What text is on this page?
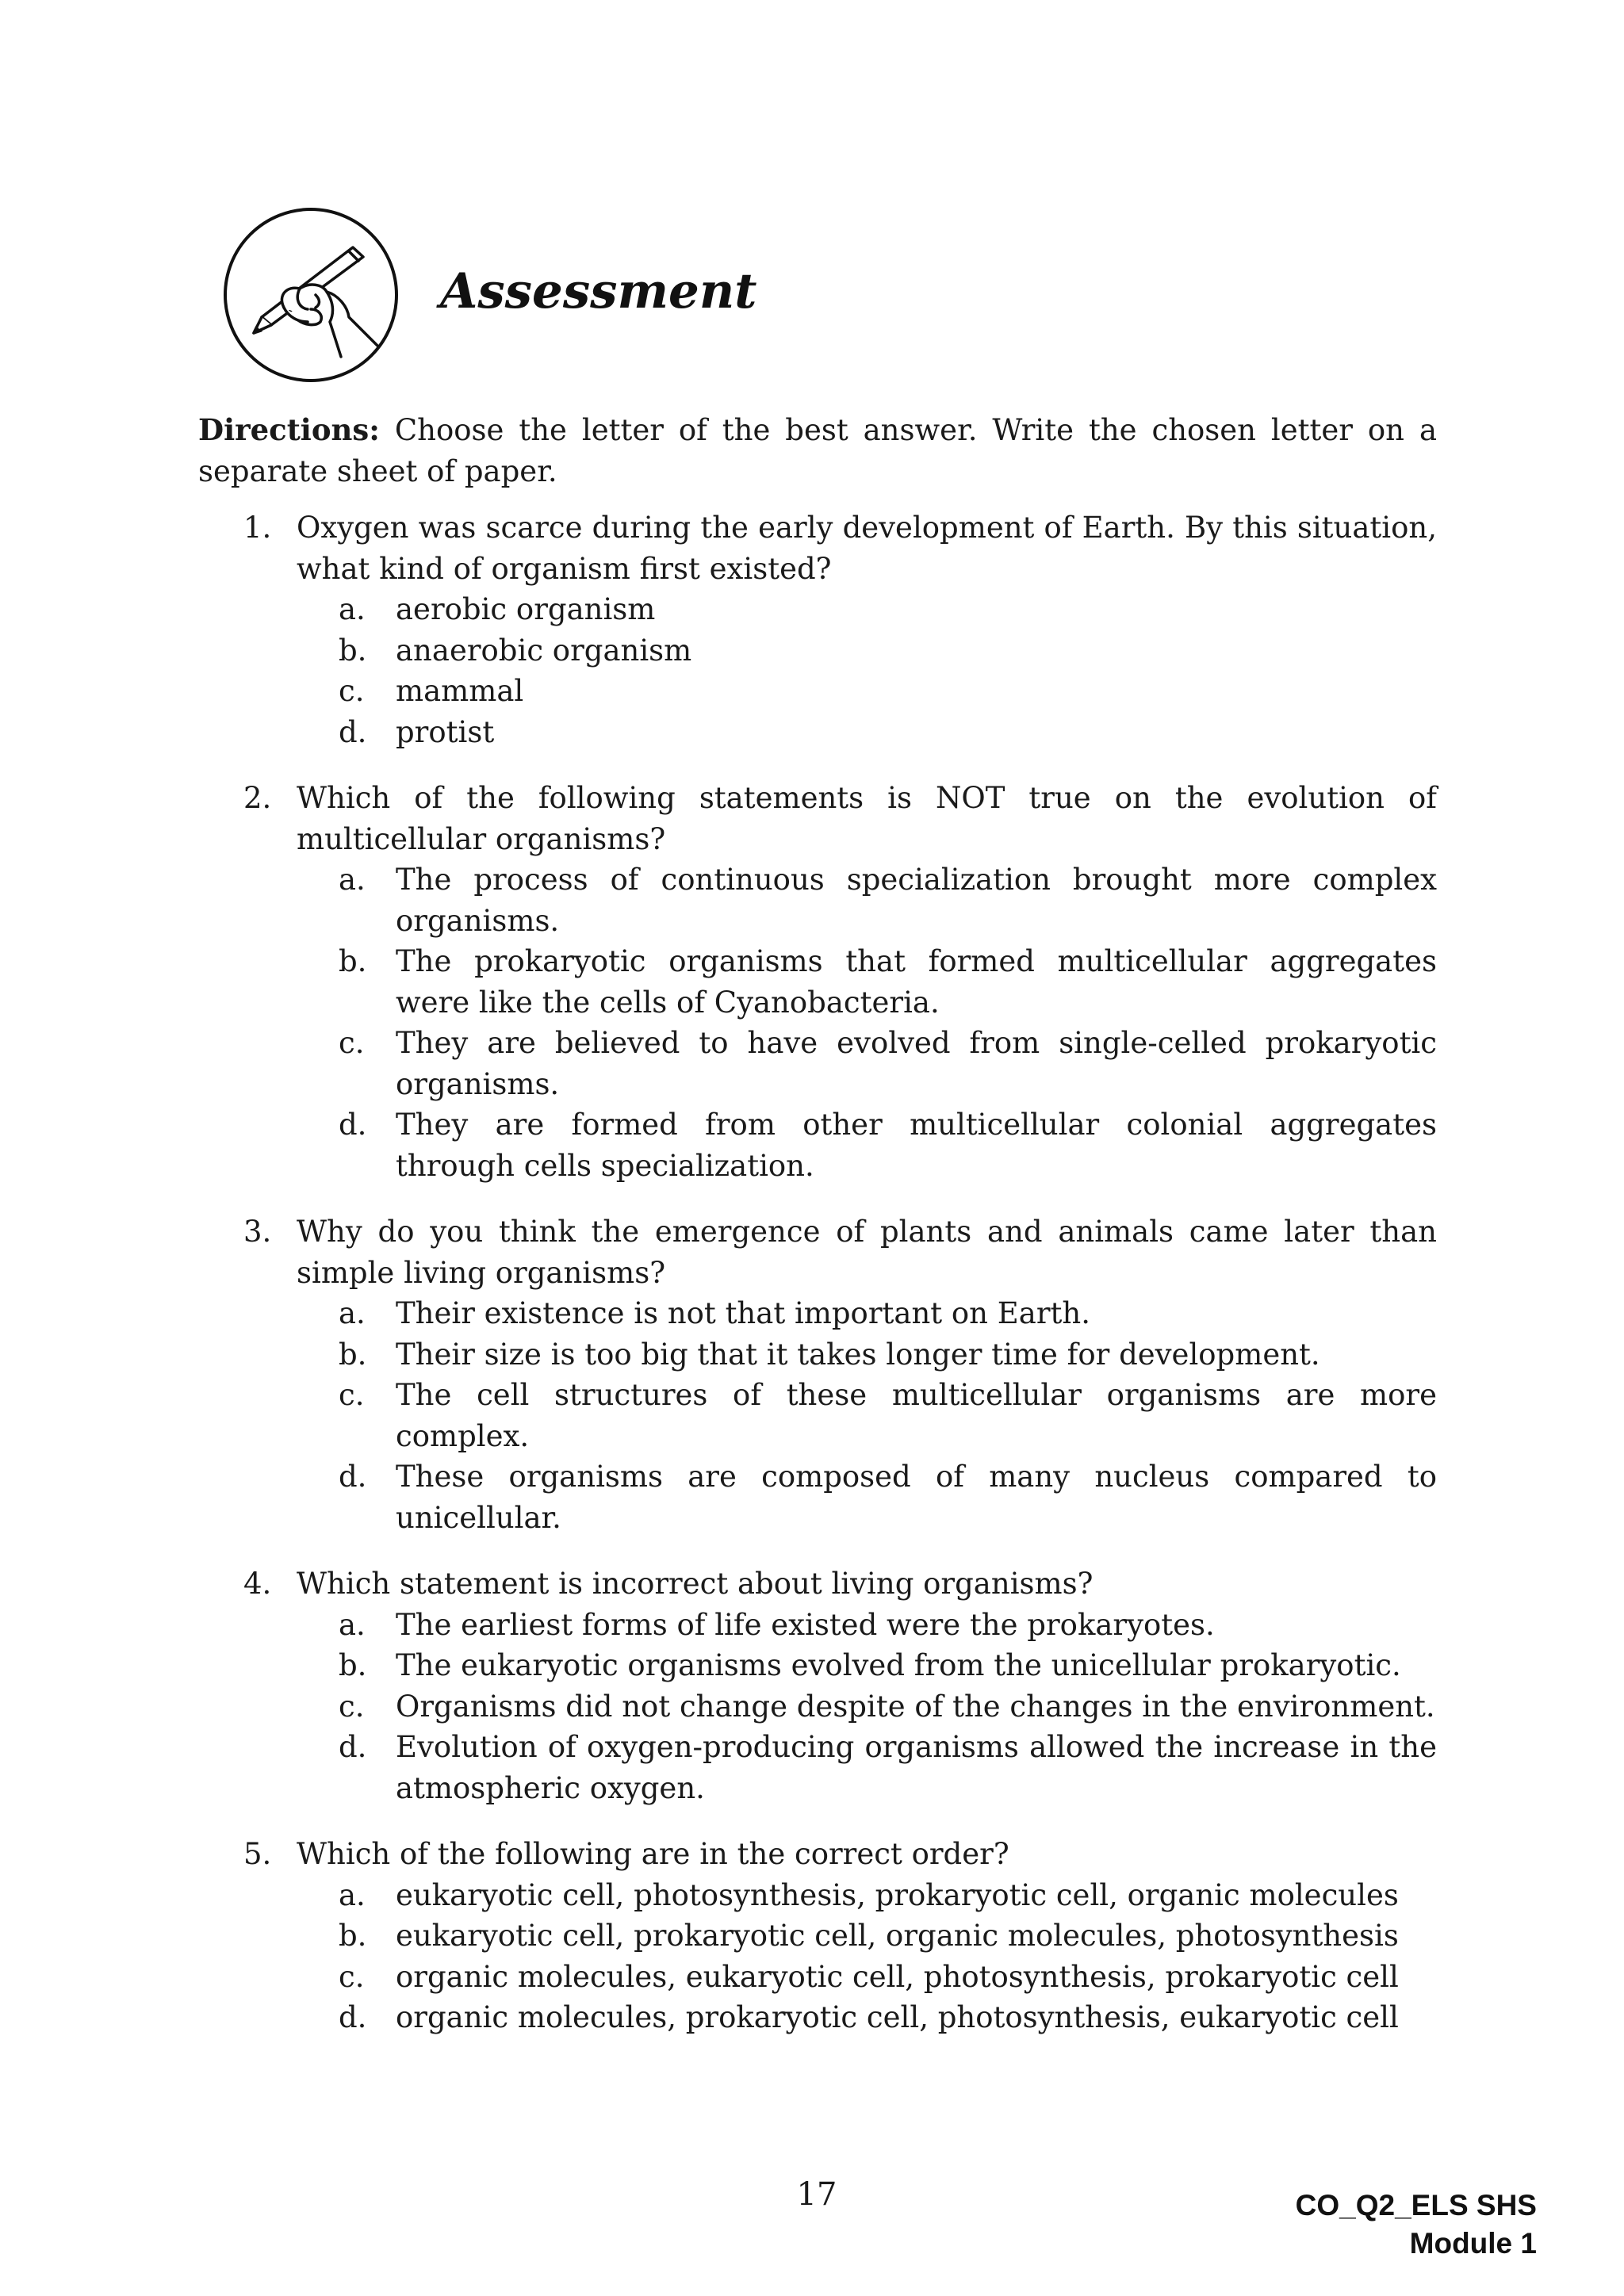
Assessment

Directions: Choose the letter of the best answer. Write the chosen letter on a separate sheet of paper.

1. Oxygen was scarce during the early development of Earth. By this situation, what kind of organism first existed?
a.	aerobic organism
b. anaerobic organism
c.	mammal
d. protist
2. Which of the following statements is NOT true on the evolution of multicellular organisms?
a.	The process of continuous specialization brought more complex organisms.
b. The prokaryotic organisms that formed multicellular aggregates were like the cells of Cyanobacteria.
c.	They are believed to have evolved from single-celled prokaryotic organisms.
d. They are formed from other multicellular colonial aggregates through cells specialization.
3. Why do you think the emergence of plants and animals came later than simple living organisms?
a.	Their existence is not that important on Earth.
b. Their size is too big that it takes longer time for development.
c.	The cell structures of these multicellular organisms are more complex.
d. These organisms are composed of many nucleus compared to unicellular.
4. Which statement is incorrect about living organisms?
a.	The earliest forms of life existed were the prokaryotes.
b. The eukaryotic organisms evolved from the unicellular prokaryotic.
c.	Organisms did not change despite of the changes in the environment.
d. Evolution of oxygen-producing organisms allowed the increase in the atmospheric oxygen.
5. Which of the following are in the correct order?
a.	eukaryotic cell, photosynthesis, prokaryotic cell, organic molecules
b. eukaryotic cell, prokaryotic cell, organic molecules, photosynthesis
c.	organic molecules, eukaryotic cell, photosynthesis, prokaryotic cell
d. organic molecules, prokaryotic cell, photosynthesis, eukaryotic cell
17	CO_Q2_ELS SHS
Module 1
